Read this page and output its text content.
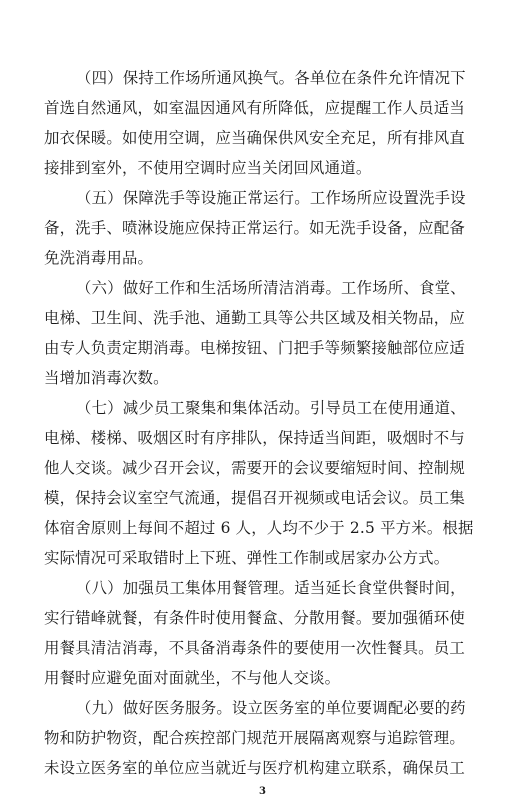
（四）保持工作场所通风换气。各单位在条件允许情况下
首选自然通风，如室温因通风有所降低，应提醒工作人员适当
加衣保暖。如使用空调，应当确保供风安全充足，所有排风直
接排到室外，不使用空调时应当关闭回风通道。
（五）保障洗手等设施正常运行。工作场所应设置洗手设
备，洗手、喷淋设施应保持正常运行。如无洗手设备，应配备
免洗消毒用品。
（六）做好工作和生活场所清洁消毒。工作场所、食堂、
电梯、卫生间、洗手池、通勤工具等公共区域及相关物品，应
由专人负责定期消毒。电梯按钮、门把手等频繁接触部位应适
当增加消毒次数。
（七）减少员工聚集和集体活动。引导员工在使用通道、
电梯、楼梯、吸烟区时有序排队，保持适当间距，吸烟时不与
他人交谈。减少召开会议，需要开的会议要缩短时间、控制规
模，保持会议室空气流通，提倡召开视频或电话会议。员工集
体宿舍原则上每间不超过 6 人，人均不少于 2.5 平方米。根据
实际情况可采取错时上下班、弹性工作制或居家办公方式。
（八）加强员工集体用餐管理。适当延长食堂供餐时间，
实行错峰就餐，有条件时使用餐盒、分散用餐。要加强循环使
用餐具清洁消毒，不具备消毒条件的要使用一次性餐具。员工
用餐时应避免面对面就坐，不与他人交谈。
（九）做好医务服务。设立医务室的单位要调配必要的药
物和防护物资，配合疾控部门规范开展隔离观察与追踪管理。
未设立医务室的单位应当就近与医疗机构建立联系，确保员工
3
